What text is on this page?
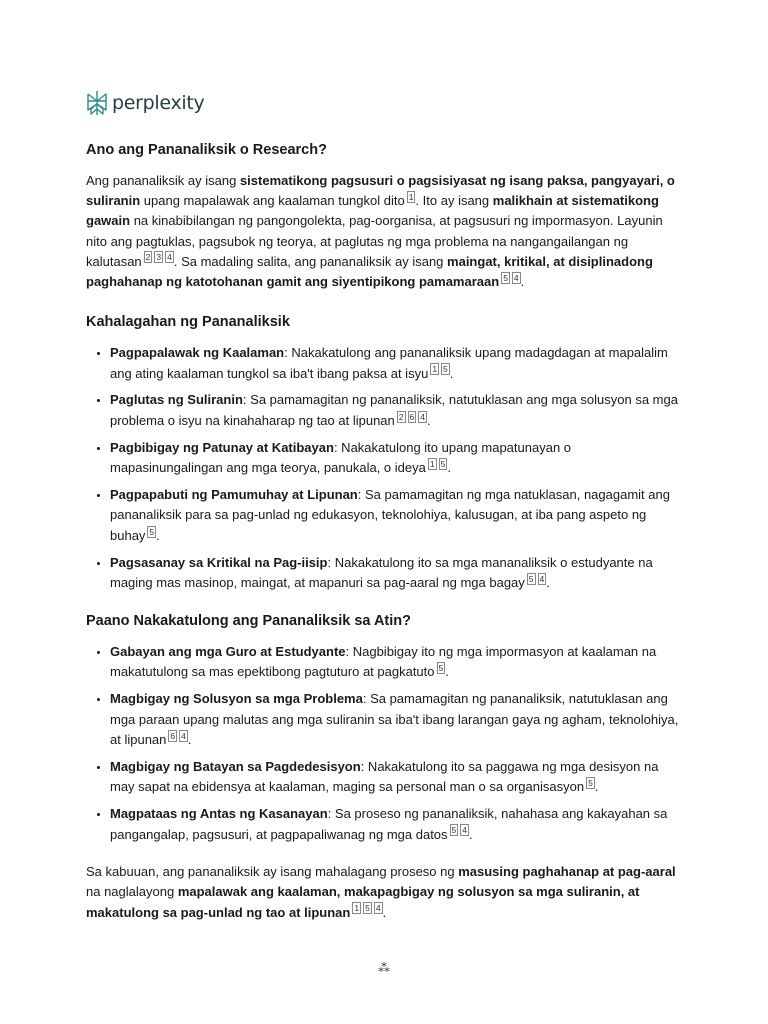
perplexity
Ano ang Pananaliksik o Research?

Ang pananaliksik ay isang sistematikong pagsusuri o pagsisiyasat ng isang paksa, pangyayari, o suliranin upang mapalawak ang kaalaman tungkol dito $^1$ . Ito ay isang malikhain at sistematikong gawain na kinabibilangan ng pangongolekta, pag-oorganisa, at pagsusuri ng impormasyon. Layunin nito ang pagtuklas, pagsubok ng teorya, at paglutas ng mga problema na nangangailangan ng kalutasan $^2$ $^3$ $^4$ . Sa madaling salita, ang pananaliksik ay isang maingat, kritikal, at disiplinadong paghahanap ng katotohanan gamit ang siyentipikong pamamaraan $^5$ $^4$ .

Kahalagahan ng Pananaliksik
• Pagpapalawak ng Kaalaman: Nakakatulong ang pananaliksik upang madagdagan at mapalalim ang ating kaalaman tungkol sa iba't ibang paksa at isyu $^1$ $^5$ .
• Paglutas ng Suliranin: Sa pamamagitan ng pananaliksik, natutuklasan ang mga solusyon sa mga problema o isyu na kinahaharap ng tao at lipunan $^2$ $^6$ $^4$ .
• Pagbibigay ng Patunay at Katibayan: Nakakatulong ito upang mapatunayan o mapasinungalingan ang mga teorya, panukala, o ideya $^1$ $^5$ .
• Pagpapabuti ng Pamumuhay at Lipunan: Sa pamamagitan ng mga natuklasan, nagagamit ang pananaliksik para sa pag-unlad ng edukasyon, teknolohiya, kalusugan, at iba pang aspeto ng buhay $^5$ .
• Pagsasanay sa Kritikal na Pag-iisip: Nakakatulong ito sa mga mananaliksik o estudyante na maging mas masinop, maingat, at mapanuri sa pag-aaral ng mga bagay $^5$ $^4$ .
Paano Nakakatulong ang Pananaliksik sa Atin?
• Gabayan ang mga Guro at Estudyante: Nagbibigay ito ng mga impormasyon at kaalaman na makatutulong sa mas epektibong pagtuturo at pagkatuto $^5$ .
• Magbigay ng Solusyon sa mga Problema: Sa pamamagitan ng pananaliksik, natutuklasan ang mga paraan upang malutas ang mga suliranin sa iba't ibang larangan gaya ng agham, teknolohiya, at lipunan $^6$ $^4$ .
• Magbigay ng Batayan sa Pagdedesisyon: Nakakatulong ito sa paggawa ng mga desisyon na may sapat na ebidensya at kaalaman, maging sa personal man o sa organisasyon $^5$ .
• Magpataas ng Antas ng Kasanayan: Sa proseso ng pananaliksik, nahahasa ang kakayahan sa pangangalap, pagsusuri, at pagpapaliwanag ng mga datos $^5$ $^4$ .

Sa kabuuan, ang pananaliksik ay isang mahalagang proseso ng masusing paghahanap at pag-aaral na naglalayong mapalawak ang kaalaman, makapagbigay ng solusyon sa mga suliranin, at makatulong sa pag-unlad ng tao at lipunan $^1$ $^5$ $^4$ .

⁂
